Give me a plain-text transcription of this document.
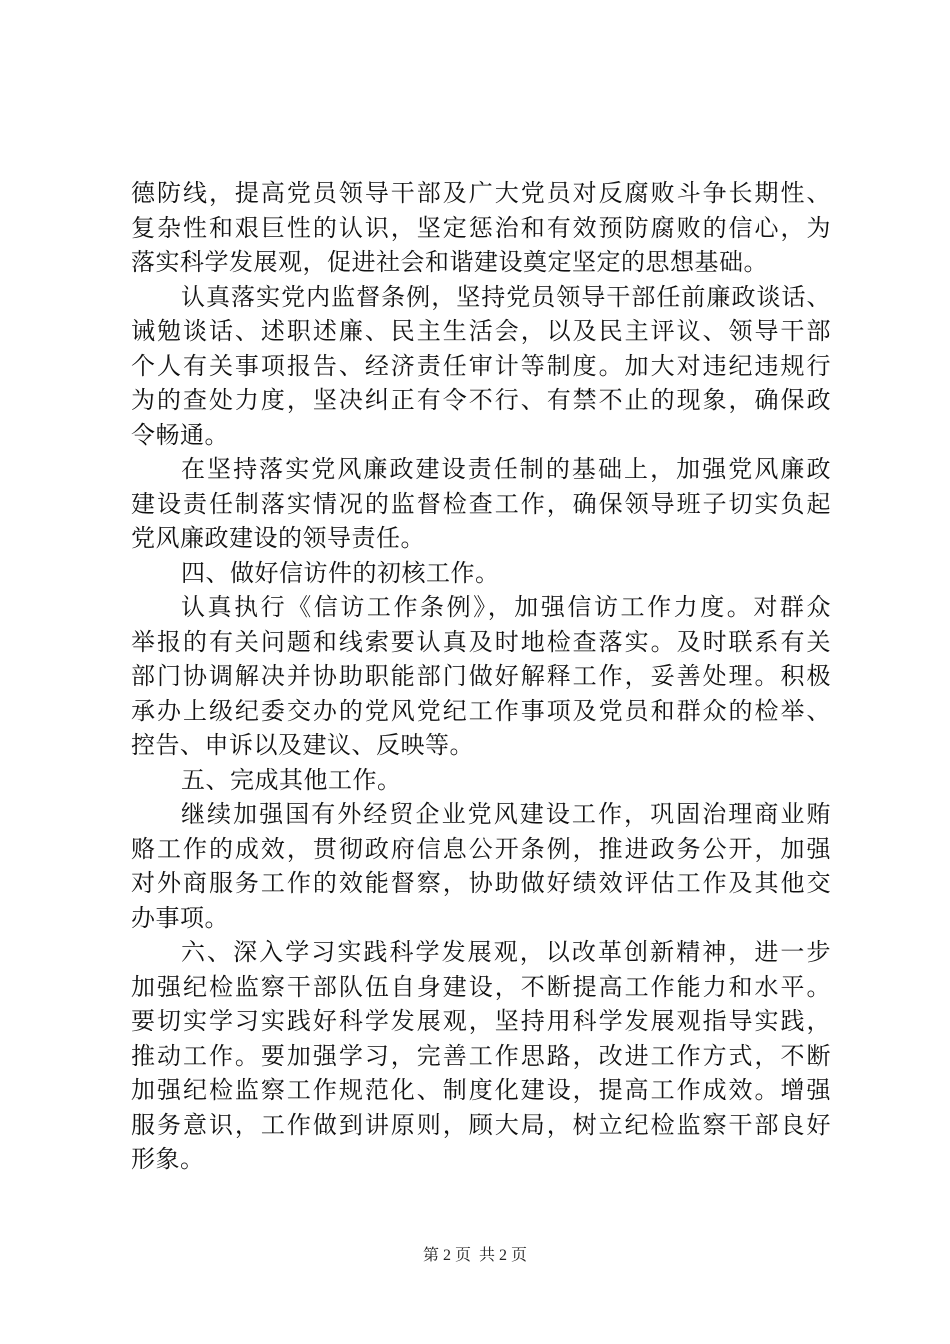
德防线，提高党员领导干部及广大党员对反腐败斗争长期性、
复杂性和艰巨性的认识，坚定惩治和有效预防腐败的信心，为
落实科学发展观，促进社会和谐建设奠定坚定的思想基础。
认真落实党内监督条例，坚持党员领导干部任前廉政谈话、
诫勉谈话、述职述廉、民主生活会，以及民主评议、领导干部
个人有关事项报告、经济责任审计等制度。加大对违纪违规行
为的查处力度，坚决纠正有令不行、有禁不止的现象，确保政
令畅通。
在坚持落实党风廉政建设责任制的基础上，加强党风廉政
建设责任制落实情况的监督检查工作，确保领导班子切实负起
党风廉政建设的领导责任。
四、做好信访件的初核工作。
认真执行《信访工作条例》，加强信访工作力度。对群众
举报的有关问题和线索要认真及时地检查落实。及时联系有关
部门协调解决并协助职能部门做好解释工作，妥善处理。积极
承办上级纪委交办的党风党纪工作事项及党员和群众的检举、
控告、申诉以及建议、反映等。
五、完成其他工作。
继续加强国有外经贸企业党风建设工作，巩固治理商业贿
赂工作的成效，贯彻政府信息公开条例，推进政务公开，加强
对外商服务工作的效能督察，协助做好绩效评估工作及其他交
办事项。
六、深入学习实践科学发展观，以改革创新精神，进一步
加强纪检监察干部队伍自身建设，不断提高工作能力和水平。
要切实学习实践好科学发展观，坚持用科学发展观指导实践，
推动工作。要加强学习，完善工作思路，改进工作方式，不断
加强纪检监察工作规范化、制度化建设，提高工作成效。增强
服务意识，工作做到讲原则，顾大局，树立纪检监察干部良好
形象。
第 2 页 共 2 页
